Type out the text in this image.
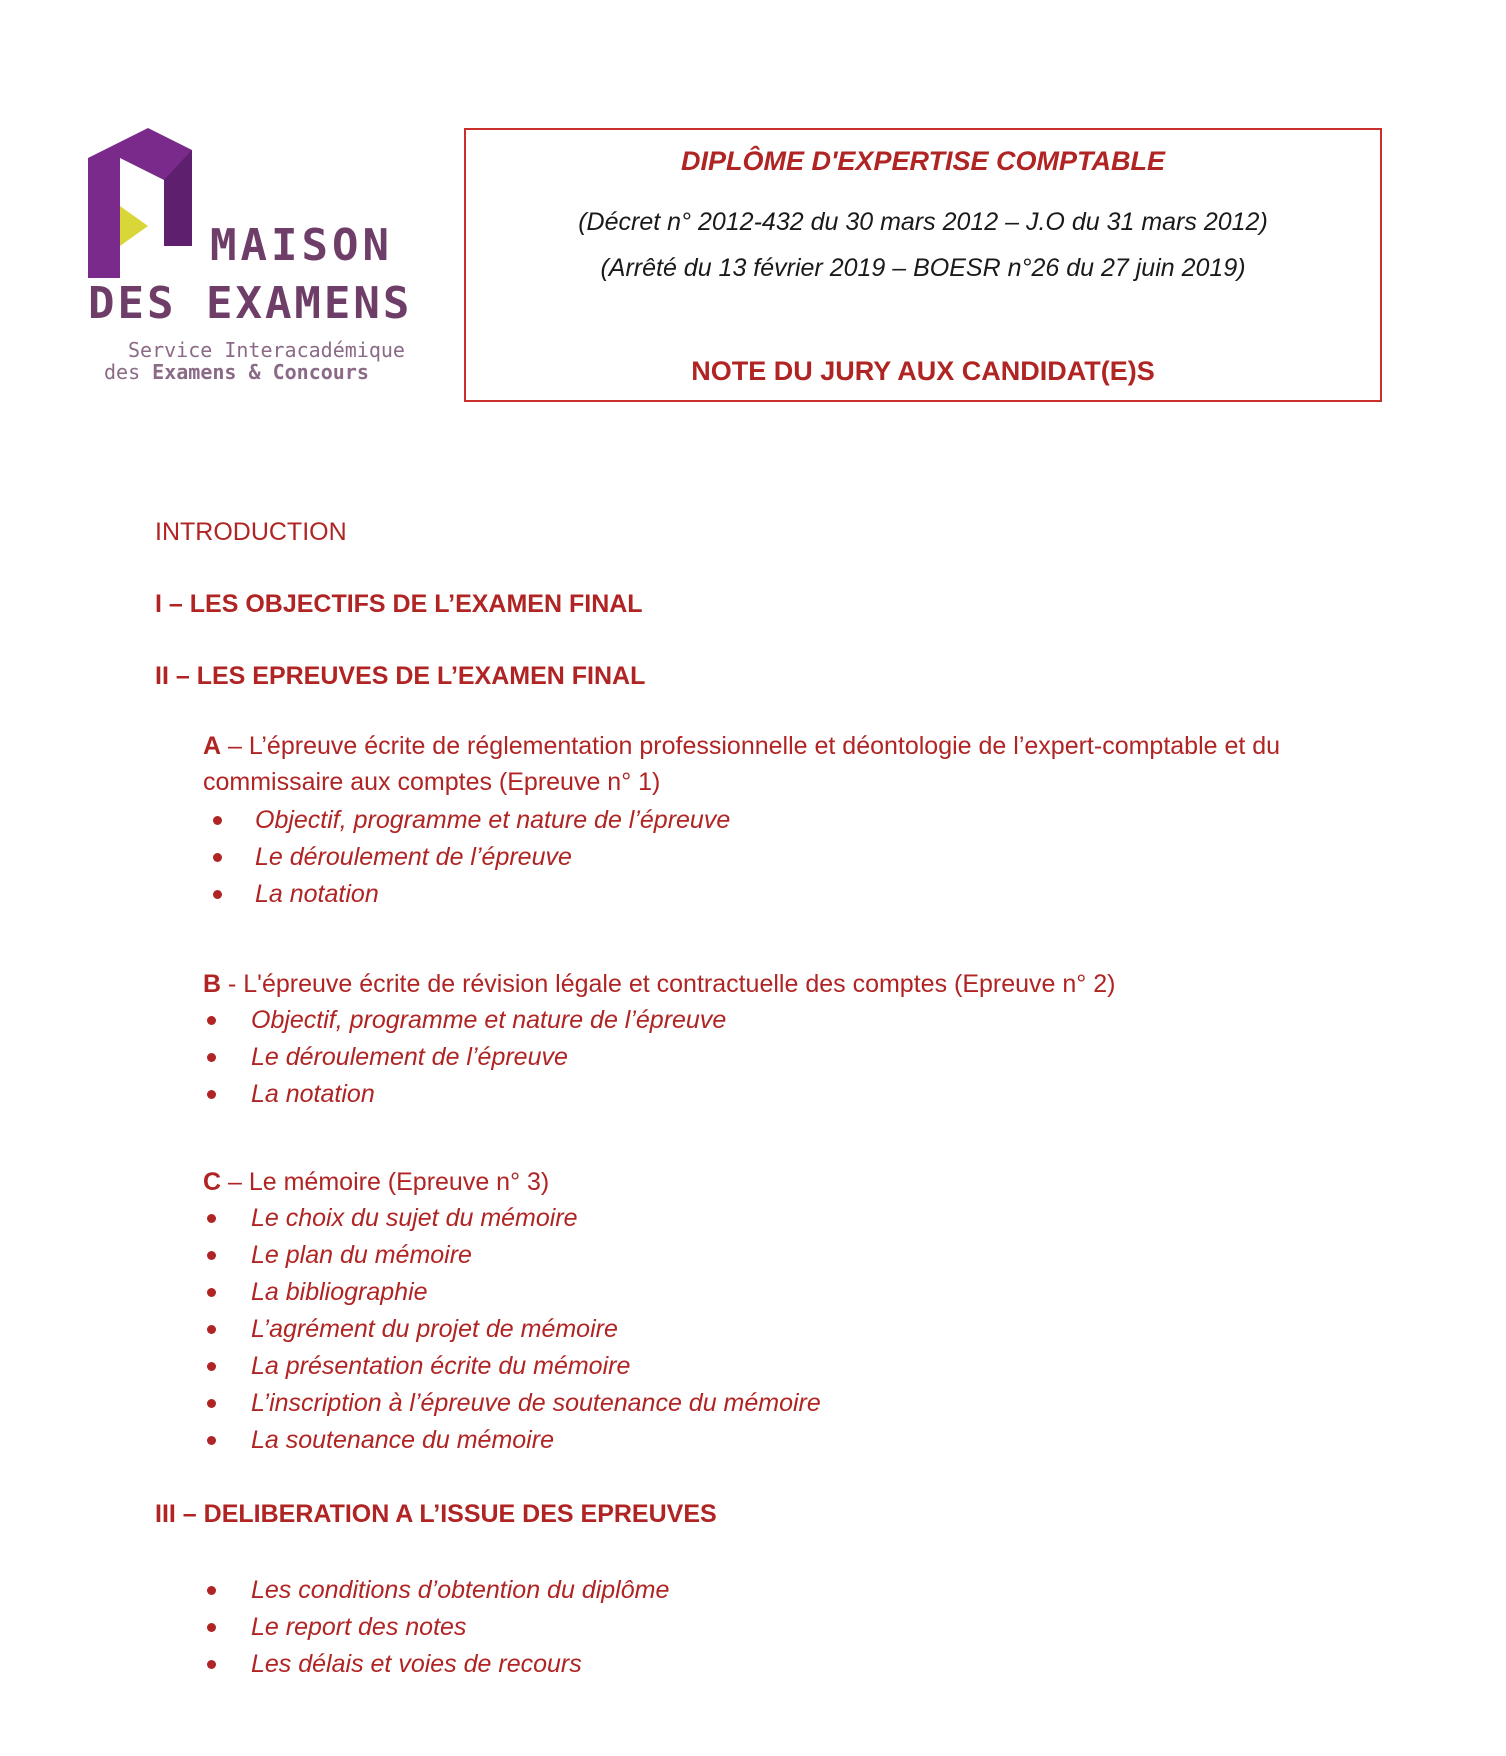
MAISON
DES EXAMENS
Service Interacadémique
des Examens & Concours
DIPLÔME D'EXPERTISE COMPTABLE
(Décret n° 2012-432 du 30 mars 2012 – J.O du 31 mars 2012)
(Arrêté du 13 février 2019 – BOESR n°26 du 27 juin 2019)
NOTE DU JURY AUX CANDIDAT(E)S
INTRODUCTION
I – LES OBJECTIFS DE L’EXAMEN FINAL
II – LES EPREUVES DE L’EXAMEN FINAL
A – L’épreuve écrite de réglementation professionnelle et déontologie de l’expert-comptable et du commissaire aux comptes (Epreuve n° 1)
Objectif, programme et nature de l’épreuve
Le déroulement de l’épreuve
La notation
B - L'épreuve écrite de révision légale et contractuelle des comptes (Epreuve n° 2)
Objectif, programme et nature de l’épreuve
Le déroulement de l’épreuve
La notation
C – Le mémoire (Epreuve n° 3)
Le choix du sujet du mémoire
Le plan du mémoire
La bibliographie
L’agrément du projet de mémoire
La présentation écrite du mémoire
L’inscription à l’épreuve de soutenance du mémoire
La soutenance du mémoire
III – DELIBERATION A L’ISSUE DES EPREUVES
Les conditions d’obtention du diplôme
Le report des notes
Les délais et voies de recours
